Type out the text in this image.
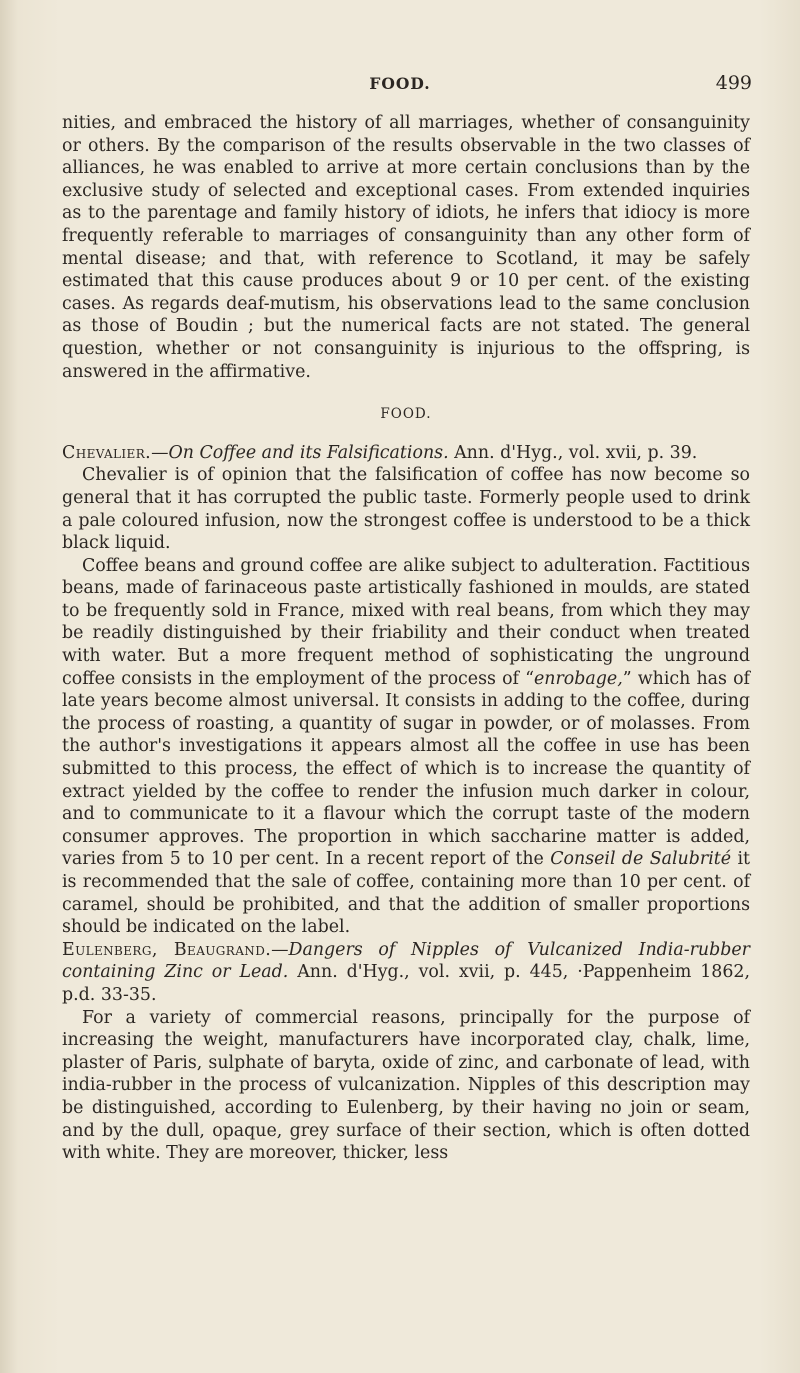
FOOD.	499

nities, and embraced the history of all marriages, whether of consanguinity or others. By the comparison of the results observable in the two classes of alliances, he was enabled to arrive at more certain conclusions than by the exclusive study of selected and exceptional cases. From extended inquiries as to the parentage and family history of idiots, he infers that idiocy is more frequently referable to marriages of consanguinity than any other form of mental disease; and that, with reference to Scotland, it may be safely estimated that this cause produces about 9 or 10 per cent. of the existing cases. As regards deaf-mutism, his observations lead to the same conclusion as those of Boudin ; but the numerical facts are not stated. The general question, whether or not consanguinity is injurious to the offspring, is answered in the affirmative.

FOOD.

Chevalier.—On Coffee and its Falsifications. Ann. d'Hyg., vol. xvii, p. 39.

Chevalier is of opinion that the falsification of coffee has now become so general that it has corrupted the public taste. Formerly people used to drink a pale coloured infusion, now the strongest coffee is understood to be a thick black liquid.

Coffee beans and ground coffee are alike subject to adulteration. Factitious beans, made of farinaceous paste artistically fashioned in moulds, are stated to be frequently sold in France, mixed with real beans, from which they may be readily distinguished by their friability and their conduct when treated with water. But a more frequent method of sophisticating the unground coffee consists in the employment of the process of “enrobage,” which has of late years become almost universal. It consists in adding to the coffee, during the process of roasting, a quantity of sugar in powder, or of molasses. From the author's investigations it appears almost all the coffee in use has been submitted to this process, the effect of which is to increase the quantity of extract yielded by the coffee to render the infusion much darker in colour, and to communicate to it a flavour which the corrupt taste of the modern consumer approves. The proportion in which saccharine matter is added, varies from 5 to 10 per cent. In a recent report of the Conseil de Salubrité it is recommended that the sale of coffee, containing more than 10 per cent. of caramel, should be prohibited, and that the addition of smaller proportions should be indicated on the label.

Eulenberg, Beaugrand.—Dangers of Nipples of Vulcanized India-rubber containing Zinc or Lead. Ann. d'Hyg., vol. xvii, p. 445, ·Pappenheim 1862, p.d. 33-35.

For a variety of commercial reasons, principally for the purpose of increasing the weight, manufacturers have incorporated clay, chalk, lime, plaster of Paris, sulphate of baryta, oxide of zinc, and carbonate of lead, with india-rubber in the process of vulcanization. Nipples of this description may be distinguished, according to Eulenberg, by their having no join or seam, and by the dull, opaque, grey surface of their section, which is often dotted with white. They are moreover, thicker, less
